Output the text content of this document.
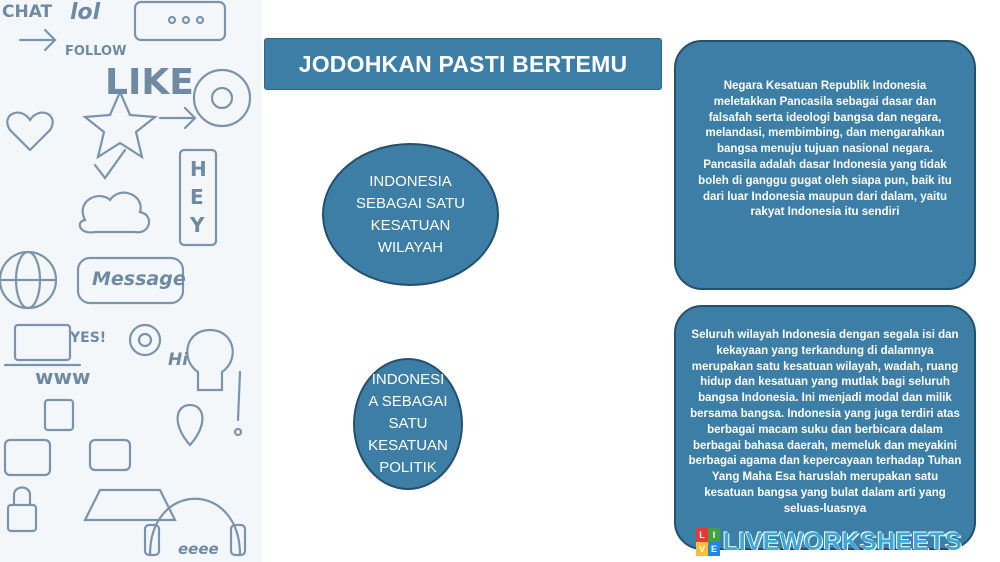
CHAT lol
FOLLOW
LIKE
HEY
Message
YES!
Hi
www
eeee
JODOHKAN PASTI BERTEMU
INDONESIA
SEBAGAI SATU
KESATUAN
WILAYAH
INDONESI
A SEBAGAI
SATU
KESATUAN
POLITIK
Negara Kesatuan Republik Indonesia meletakkan Pancasila sebagai dasar dan falsafah serta ideologi bangsa dan negara, melandasi, membimbing, dan mengarahkan bangsa menuju tujuan nasional negara. Pancasila adalah dasar Indonesia yang tidak boleh di ganggu gugat oleh siapa pun, baik itu dari luar Indonesia maupun dari dalam, yaitu rakyat Indonesia itu sendiri
Seluruh wilayah Indonesia dengan segala isi dan kekayaan yang terkandung di dalamnya merupakan satu kesatuan wilayah, wadah, ruang hidup dan kesatuan yang mutlak bagi seluruh bangsa Indonesia. Ini menjadi modal dan milik bersama bangsa. Indonesia yang juga terdiri atas berbagai macam suku dan berbicara dalam berbagai bahasa daerah, memeluk dan meyakini berbagai agama dan kepercayaan terhadap Tuhan Yang Maha Esa haruslah merupakan satu kesatuan bangsa yang bulat dalam arti yang seluas-luasnya
L I
V E LIVEWORKSHEETS
